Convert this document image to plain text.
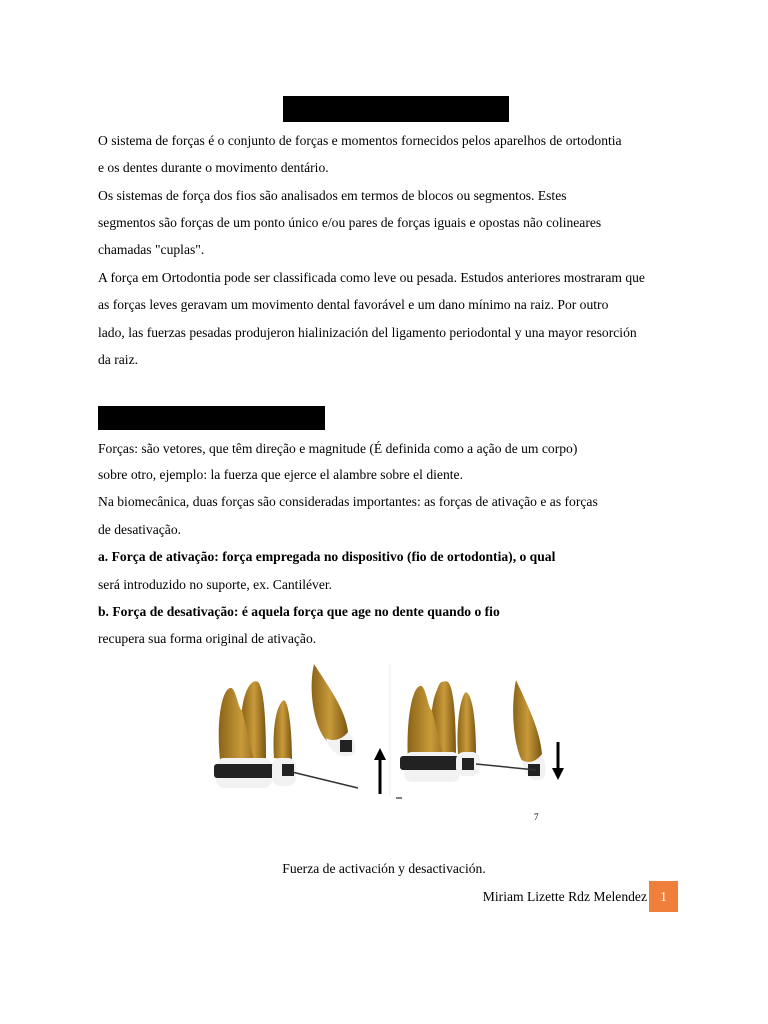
O sistema de forças é o conjunto de forças e momentos fornecidos pelos aparelhos de ortodontia
e os dentes durante o movimento dentário.
Os sistemas de força dos fios são analisados em termos de blocos ou segmentos. Estes
segmentos são forças de um ponto único e/ou pares de forças iguais e opostas não colineares
chamadas "cuplas".
A força em Ortodontia pode ser classificada como leve ou pesada. Estudos anteriores mostraram que
as forças leves geravam um movimento dental favorável e um dano mínimo na raiz. Por outro
lado, las fuerzas pesadas produjeron hialinización del ligamento periodontal y una mayor resorción
da raiz.
Forças: são vetores, que têm direção e magnitude (É definida como a ação de um corpo)
sobre otro, ejemplo: la fuerza que ejerce el alambre sobre el diente.
Na biomecânica, duas forças são consideradas importantes: as forças de ativação e as forças
de desativação.
a. Força de ativação: força empregada no dispositivo (fio de ortodontia), o qual
será introduzido no suporte, ex. Cantiléver.
b. Força de desativação: é aquela força que age no dente quando o fio
recupera sua forma original de ativação.
7
Fuerza de activación y desactivación.
Miriam Lizette Rdz Melendez 1
